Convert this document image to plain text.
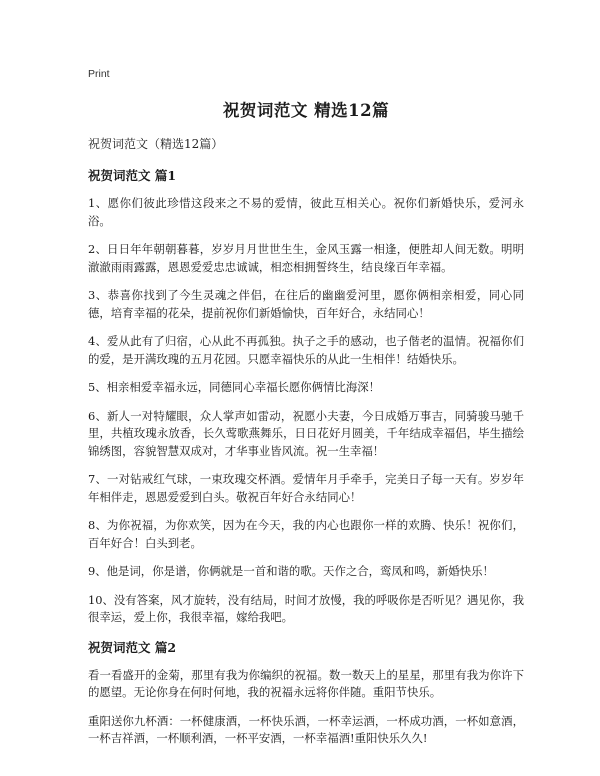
Print
祝贺词范文 精选12篇
祝贺词范文（精选12篇）
祝贺词范文 篇1

1、愿你们彼此珍惜这段来之不易的爱情，彼此互相关心。祝你们新婚快乐，爱河永浴。

2、日日年年朝朝暮暮，岁岁月月世世生生，金风玉露一相逢，便胜却人间无数。明明澈澈雨雨露露，恩恩爱爱忠忠诚诚，相恋相拥誓终生，结良缘百年幸福。

3、恭喜你找到了今生灵魂之伴侣，在往后的幽幽爱河里，愿你俩相亲相爱，同心同德，培育幸福的花朵，提前祝你们新婚愉快，百年好合，永结同心！

4、爱从此有了归宿，心从此不再孤独。执子之手的感动，也子偕老的温情。祝福你们的爱，是开满玫瑰的五月花园。只愿幸福快乐的从此一生相伴！结婚快乐。

5、相亲相爱幸福永远，同德同心幸福长愿你俩情比海深！

6、新人一对特耀眼，众人掌声如雷动，祝愿小夫妻，今日成婚万事吉，同骑骏马驰千里，共植玫瑰永放香，长久莺歌燕舞乐，日日花好月圆美，千年结成幸福侣，毕生描绘锦绣图，容貌智慧双成对，才华事业皆风流。祝一生幸福！

7、一对钻戒红气球，一束玫瑰交杯酒。爱情年月手牵手，完美日子每一天有。岁岁年年相伴走，恩恩爱爱到白头。敬祝百年好合永结同心！

8、为你祝福，为你欢笑，因为在今天，我的内心也跟你一样的欢腾、快乐！祝你们，百年好合！白头到老。

9、他是词，你是谱，你俩就是一首和谐的歌。天作之合，鸾凤和鸣，新婚快乐！

10、没有答案，风才旋转，没有结局，时间才放慢，我的呼吸你是否听见？遇见你，我很幸运，爱上你，我很幸福，嫁给我吧。

祝贺词范文 篇2

看一看盛开的金菊，那里有我为你编织的祝福。数一数天上的星星，那里有我为你许下的愿望。无论你身在何时何地，我的祝福永远将你伴随。重阳节快乐。

重阳送你九杯酒：一杯健康酒，一杯快乐酒，一杯幸运酒，一杯成功酒，一杯如意酒，一杯吉祥酒，一杯顺利酒，一杯平安酒，一杯幸福酒!重阳快乐久久!
